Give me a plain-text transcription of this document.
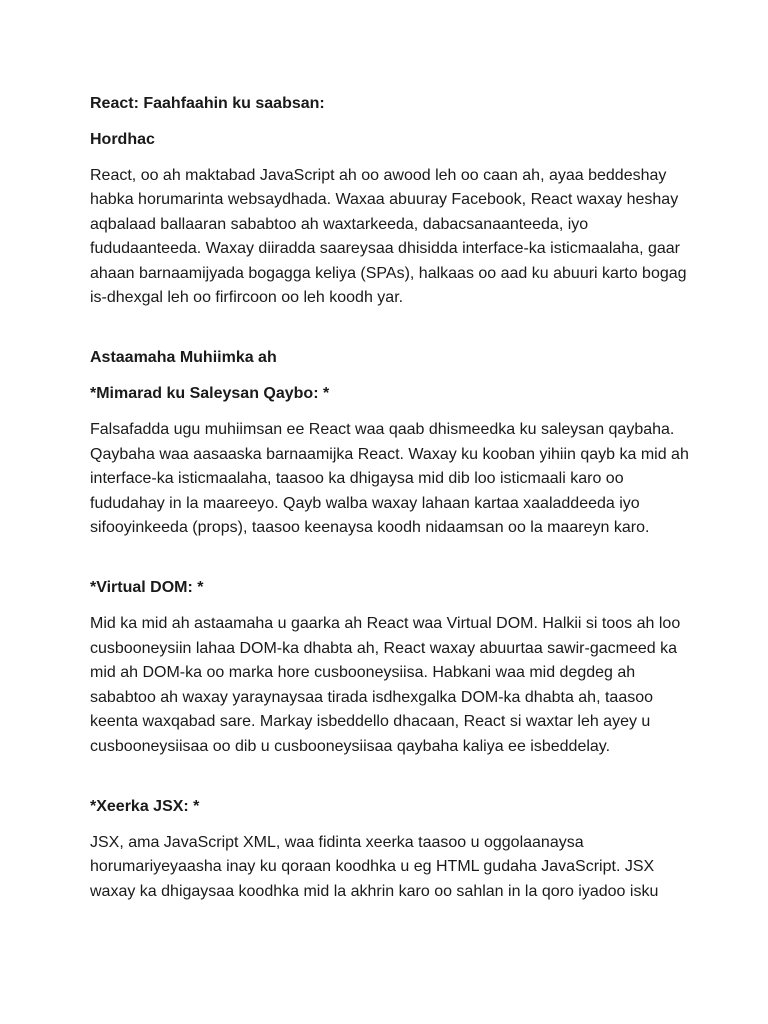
React: Faahfaahin ku saabsan:
Hordhac
React, oo ah maktabad JavaScript ah oo awood leh oo caan ah, ayaa beddeshay habka horumarinta websaydhada. Waxaa abuuray Facebook, React waxay heshay aqbalaad ballaaran sababtoo ah waxtarkeeda, dabacsanaanteeda, iyo fududaanteeda. Waxay diiradda saareysaa dhisidda interface-ka isticmaalaha, gaar ahaan barnaamijyada bogagga keliya (SPAs), halkaas oo aad ku abuuri karto bogag is-dhexgal leh oo firfircoon oo leh koodh yar.
Astaamaha Muhiimka ah
*Mimarad ku Saleysan Qaybo: *
Falsafadda ugu muhiimsan ee React waa qaab dhismeedka ku saleysan qaybaha. Qaybaha waa aasaaska barnaamijka React. Waxay ku kooban yihiin qayb ka mid ah interface-ka isticmaalaha, taasoo ka dhigaysa mid dib loo isticmaali karo oo fududahay in la maareeyo. Qayb walba waxay lahaan kartaa xaaladdeeda iyo sifooyinkeeda (props), taasoo keenaysa koodh nidaamsan oo la maareyn karo.
*Virtual DOM: *
Mid ka mid ah astaamaha u gaarka ah React waa Virtual DOM. Halkii si toos ah loo cusbooneysiin lahaa DOM-ka dhabta ah, React waxay abuurtaa sawir-gacmeed ka mid ah DOM-ka oo marka hore cusbooneysiisa. Habkani waa mid degdeg ah sababtoo ah waxay yaraynaysaa tirada isdhexgalka DOM-ka dhabta ah, taasoo keenta waxqabad sare. Markay isbeddello dhacaan, React si waxtar leh ayey u cusbooneysiisaa oo dib u cusbooneysiisaa qaybaha kaliya ee isbeddelay.
*Xeerka JSX: *
JSX, ama JavaScript XML, waa fidinta xeerka taasoo u oggolaanaysa horumariyeyaasha inay ku qoraan koodhka u eg HTML gudaha JavaScript. JSX waxay ka dhigaysaa koodhka mid la akhrin karo oo sahlan in la qoro iyadoo isku
